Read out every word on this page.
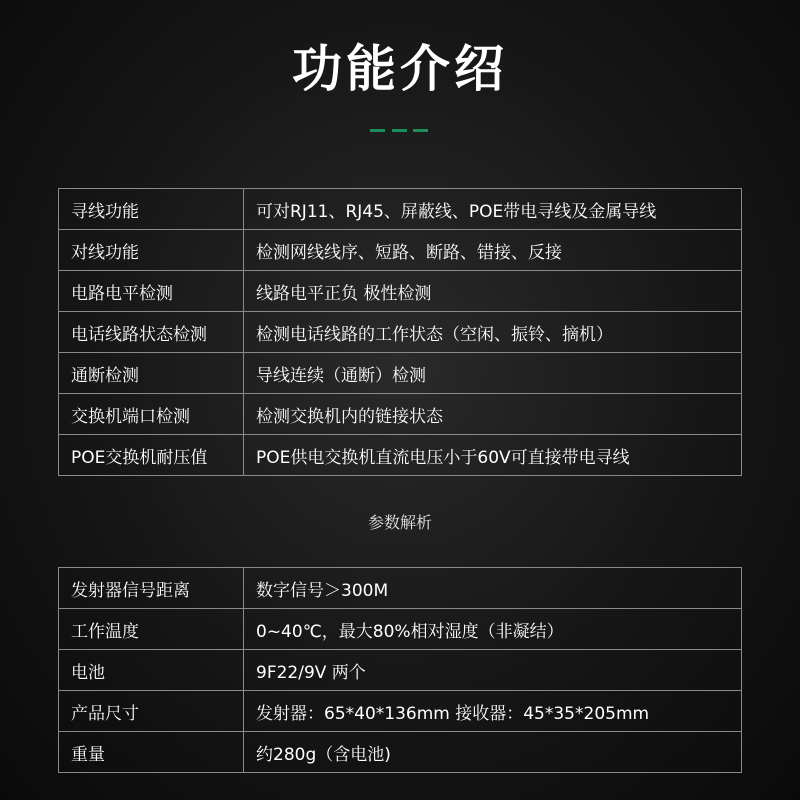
功能介绍
寻线功能	可对RJ11、RJ45、屏蔽线、POE带电寻线及金属导线
对线功能	检测网线线序、短路、断路、错接、反接
电路电平检测	线路电平正负 极性检测
电话线路状态检测	检测电话线路的工作状态（空闲、振铃、摘机）
通断检测	导线连续（通断）检测
交换机端口检测	检测交换机内的链接状态
POE交换机耐压值	POE供电交换机直流电压小于60V可直接带电寻线
参数解析
发射器信号距离	数字信号＞300M
工作温度	0~40℃，最大80%相对湿度（非凝结）
电池	9F22/9V 两个
产品尺寸	发射器：65*40*136mm 接收器：45*35*205mm
重量	约280g（含电池)
